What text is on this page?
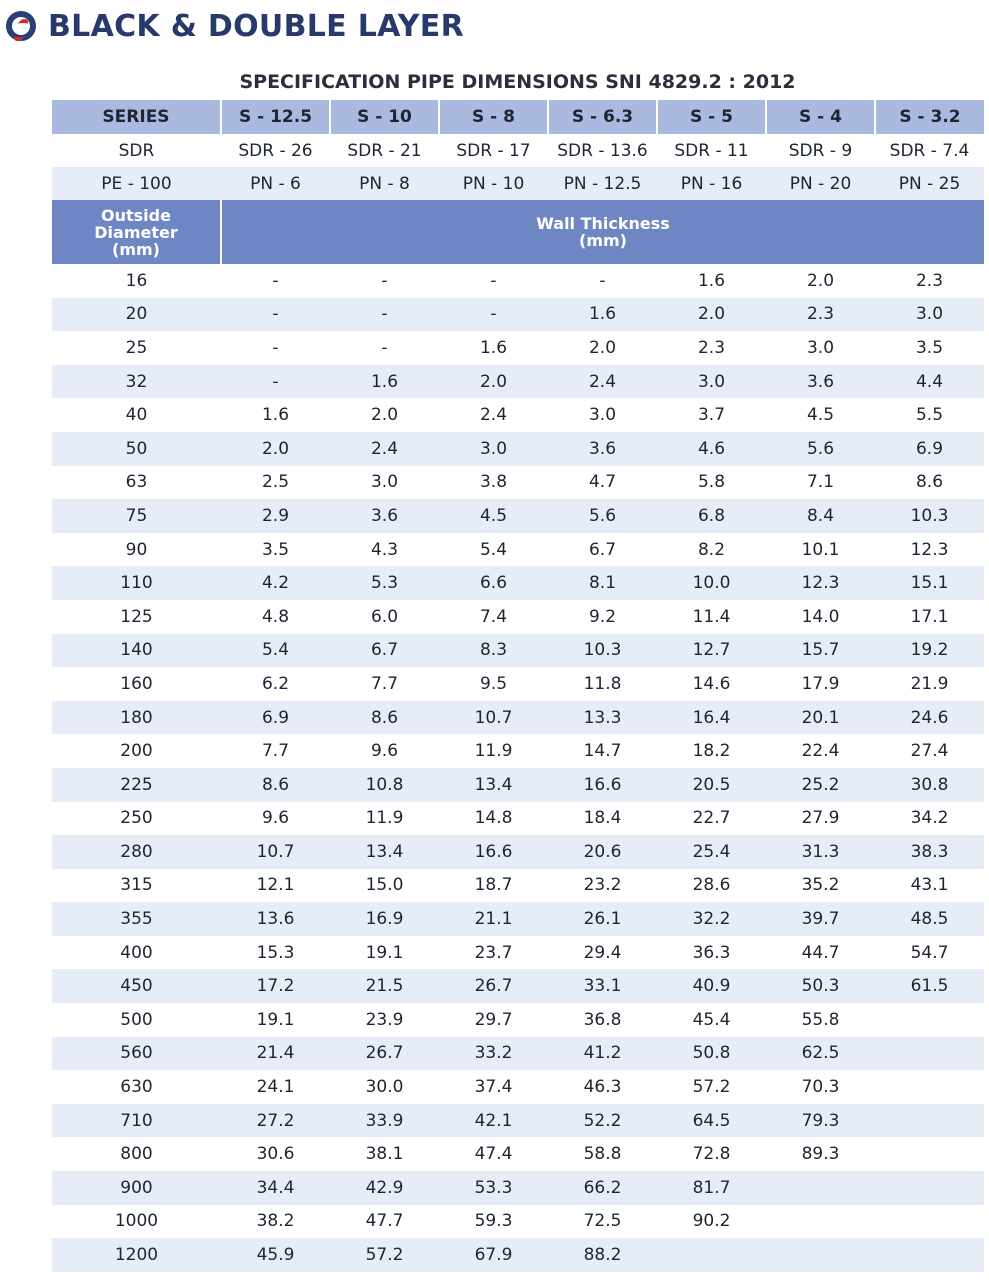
BLACK & DOUBLE LAYER
SPECIFICATION PIPE DIMENSIONS SNI 4829.2 : 2012
SERIES	S - 12.5	S - 10	S - 8	S - 6.3	S - 5	S - 4	S - 3.2
SDR	SDR - 26	SDR - 21	SDR - 17	SDR - 13.6	SDR - 11	SDR - 9	SDR - 7.4
PE - 100	PN - 6	PN - 8	PN - 10	PN - 12.5	PN - 16	PN - 20	PN - 25
Outside
Diameter
(mm)	Wall Thickness
(mm)						
16	-	-	-	-	1.6	2.0	2.3
20	-	-	-	1.6	2.0	2.3	3.0
25	-	-	1.6	2.0	2.3	3.0	3.5
32	-	1.6	2.0	2.4	3.0	3.6	4.4
40	1.6	2.0	2.4	3.0	3.7	4.5	5.5
50	2.0	2.4	3.0	3.6	4.6	5.6	6.9
63	2.5	3.0	3.8	4.7	5.8	7.1	8.6
75	2.9	3.6	4.5	5.6	6.8	8.4	10.3
90	3.5	4.3	5.4	6.7	8.2	10.1	12.3
110	4.2	5.3	6.6	8.1	10.0	12.3	15.1
125	4.8	6.0	7.4	9.2	11.4	14.0	17.1
140	5.4	6.7	8.3	10.3	12.7	15.7	19.2
160	6.2	7.7	9.5	11.8	14.6	17.9	21.9
180	6.9	8.6	10.7	13.3	16.4	20.1	24.6
200	7.7	9.6	11.9	14.7	18.2	22.4	27.4
225	8.6	10.8	13.4	16.6	20.5	25.2	30.8
250	9.6	11.9	14.8	18.4	22.7	27.9	34.2
280	10.7	13.4	16.6	20.6	25.4	31.3	38.3
315	12.1	15.0	18.7	23.2	28.6	35.2	43.1
355	13.6	16.9	21.1	26.1	32.2	39.7	48.5
400	15.3	19.1	23.7	29.4	36.3	44.7	54.7
450	17.2	21.5	26.7	33.1	40.9	50.3	61.5
500	19.1	23.9	29.7	36.8	45.4	55.8	
560	21.4	26.7	33.2	41.2	50.8	62.5	
630	24.1	30.0	37.4	46.3	57.2	70.3	
710	27.2	33.9	42.1	52.2	64.5	79.3	
800	30.6	38.1	47.4	58.8	72.8	89.3	
900	34.4	42.9	53.3	66.2	81.7		
1000	38.2	47.7	59.3	72.5	90.2		
1200	45.9	57.2	67.9	88.2			
